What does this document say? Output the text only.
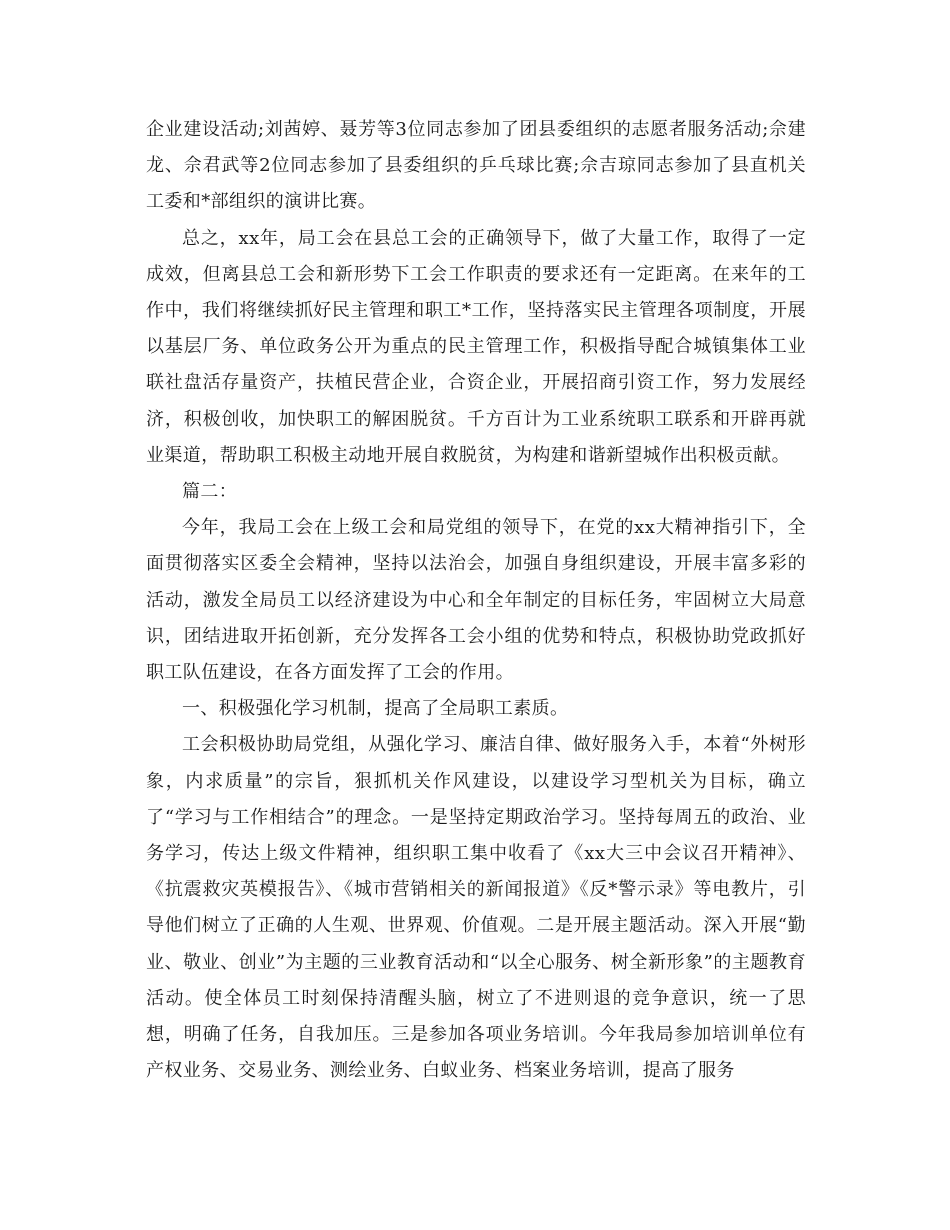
企业建设活动;刘茜婷、聂芳等3位同志参加了团县委组织的志愿者服务活动;佘建龙、佘君武等2位同志参加了县委组织的乒乓球比赛;佘吉琼同志参加了县直机关工委和*部组织的演讲比赛。

总之，xx年，局工会在县总工会的正确领导下，做了大量工作，取得了一定成效，但离县总工会和新形势下工会工作职责的要求还有一定距离。在来年的工作中，我们将继续抓好民主管理和职工*工作，坚持落实民主管理各项制度，开展以基层厂务、单位政务公开为重点的民主管理工作，积极指导配合城镇集体工业联社盘活存量资产，扶植民营企业，合资企业，开展招商引资工作，努力发展经济，积极创收，加快职工的解困脱贫。千方百计为工业系统职工联系和开辟再就业渠道，帮助职工积极主动地开展自救脱贫，为构建和谐新望城作出积极贡献。

篇二：

今年，我局工会在上级工会和局党组的领导下，在党的xx大精神指引下，全面贯彻落实区委全会精神，坚持以法治会，加强自身组织建设，开展丰富多彩的活动，激发全局员工以经济建设为中心和全年制定的目标任务，牢固树立大局意识，团结进取开拓创新，充分发挥各工会小组的优势和特点，积极协助党政抓好职工队伍建设，在各方面发挥了工会的作用。

一、积极强化学习机制，提高了全局职工素质。

工会积极协助局党组，从强化学习、廉洁自律、做好服务入手，本着“外树形象，内求质量”的宗旨，狠抓机关作风建设，以建设学习型机关为目标，确立了“学习与工作相结合”的理念。一是坚持定期政治学习。坚持每周五的政治、业务学习，传达上级文件精神，组织职工集中收看了《xx大三中会议召开精神》、《抗震救灾英模报告》、《城市营销相关的新闻报道》《反*警示录》等电教片，引导他们树立了正确的人生观、世界观、价值观。二是开展主题活动。深入开展“勤业、敬业、创业”为主题的三业教育活动和“以全心服务、树全新形象”的主题教育活动。使全体员工时刻保持清醒头脑，树立了不进则退的竞争意识，统一了思想，明确了任务，自我加压。三是参加各项业务培训。今年我局参加培训单位有产权业务、交易业务、测绘业务、白蚁业务、档案业务培训，提高了服务
